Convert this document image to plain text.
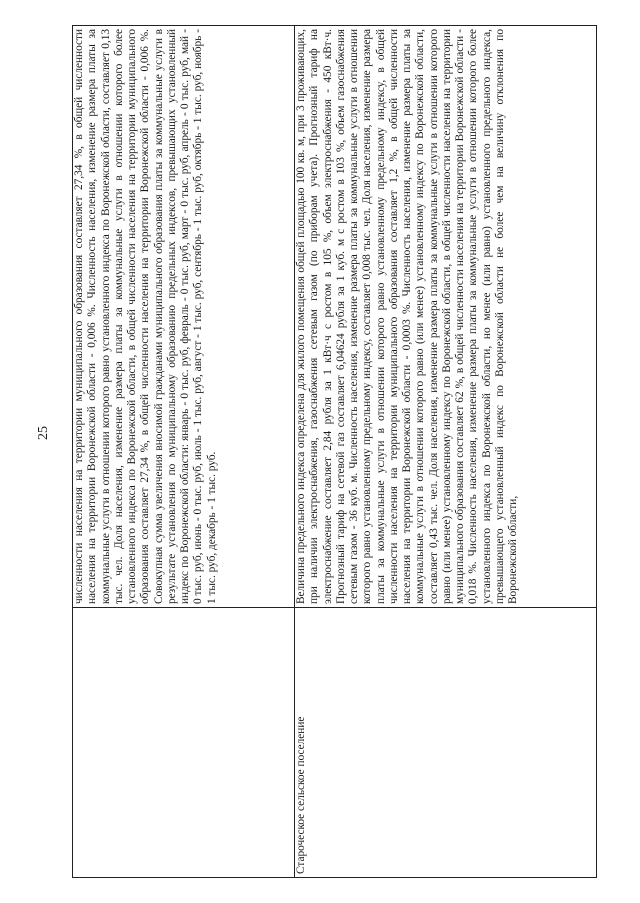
25
	численности населения на территории муниципального образования составляет 27,34 %, в общей численности населения на территории Воронежской области - 0,006 %. Численность населения, изменение размера платы за коммунальные услуги в отношении которого равно установленного индекса по Воронежской области, составляет 0,13 тыс. чел. Доля населения, изменение размера платы за коммунальные услуги в отношении которого более установленного индекса по Воронежской области, в общей численности населения на территории муниципального образования составляет 27,34 %, в общей численности населения на территории Воронежской области - 0,006 %. Совокупная сумма увеличения вносимой гражданами муниципального образования платы за коммунальные услуги в результате установления по муниципальному образованию предельных индексов, превышающих установленный индекс по Воронежской области: январь - 0 тыс. руб, февраль - 0 тыс. руб, март - 0 тыс. руб, апрель - 0 тыс. руб, май - 0 тыс. руб, июнь - 0 тыс. руб, июль - 1 тыс. руб, август - 1 тыс. руб, сентябрь - 1 тыс. руб, октябрь - 1 тыс. руб, ноябрь - 1 тыс. руб, декабрь - 1 тыс. руб.
Староческое сельское поселение	Величина предельного индекса определена для жилого помещения общей площадью 100 кв. м, при 3 проживающих, при наличии электроснабжения, газоснабжения сетевым газом (по приборам учета). Прогнозный тариф на электроснабжение составляет 2,84 рубля за 1 кВт·ч с ростом в 105 %, объем электроснабжения - 450 кВт·ч. Прогнозный тариф на сетевой газ составляет 6,04624 рубля за 1 куб. м с ростом в 103 %, объем газоснабжения сетевым газом - 36 куб. м. Численность населения, изменение размера платы за коммунальные услуги в отношении которого равно установленному предельному индексу, составляет 0,008 тыс. чел. Доля населения, изменение размера платы за коммунальные услуги в отношении которого равно установленному предельному индексу, в общей численности населения на территории муниципального образования составляет 1,2 %, в общей численности населения на территории Воронежской области - 0,0003 %. Численность населения, изменение размера платы за коммунальные услуги в отношении которого равно (или менее) установленному индексу по Воронежской области, составляет 0,43 тыс. чел. Доля населения, изменение размера платы за коммунальные услуги в отношении которого равно (или менее) установленному индексу по Воронежской области, в общей численности населения на территории муниципального образования составляет 62 %, в общей численности населения на территории Воронежской области - 0,018 %. Численность населения, изменение размера платы за коммунальные услуги в отношении которого более установленного индекса по Воронежской области, но менее (или равно) установленного предельного индекса, превышающего установленный индекс по Воронежской области не более чем на величину отклонения по Воронежской области,
